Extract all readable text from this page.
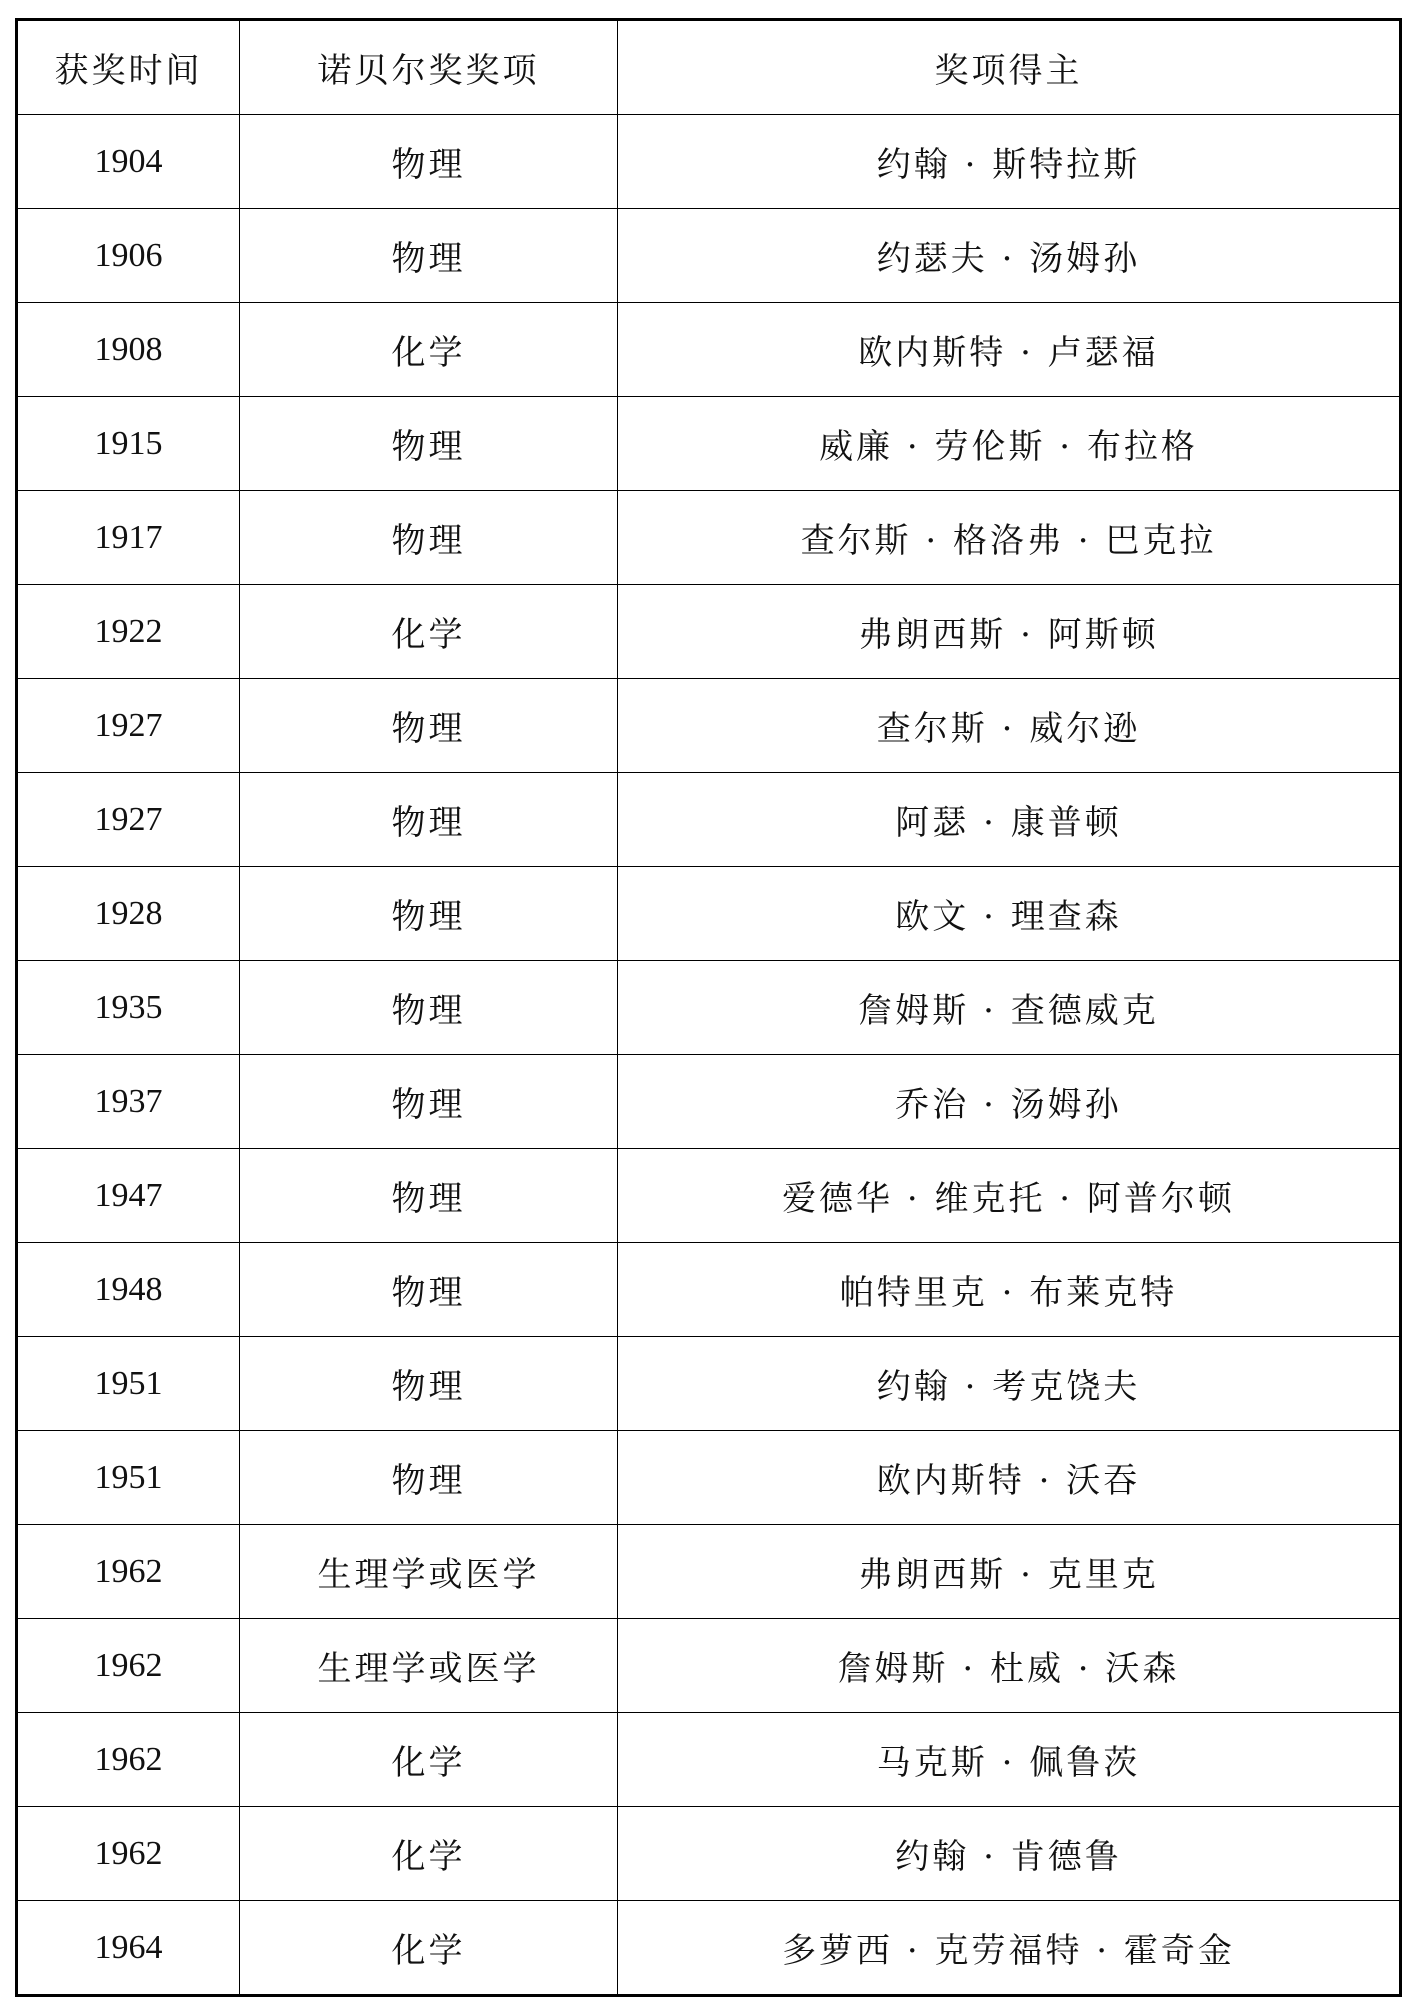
获奖时间	诺贝尔奖奖项	奖项得主
1904	物理	约翰 · 斯特拉斯
1906	物理	约瑟夫 · 汤姆孙
1908	化学	欧内斯特 · 卢瑟福
1915	物理	威廉 · 劳伦斯 · 布拉格
1917	物理	查尔斯 · 格洛弗 · 巴克拉
1922	化学	弗朗西斯 · 阿斯顿
1927	物理	查尔斯 · 威尔逊
1927	物理	阿瑟 · 康普顿
1928	物理	欧文 · 理查森
1935	物理	詹姆斯 · 查德威克
1937	物理	乔治 · 汤姆孙
1947	物理	爱德华 · 维克托 · 阿普尔顿
1948	物理	帕特里克 · 布莱克特
1951	物理	约翰 · 考克饶夫
1951	物理	欧内斯特 · 沃吞
1962	生理学或医学	弗朗西斯 · 克里克
1962	生理学或医学	詹姆斯 · 杜威 · 沃森
1962	化学	马克斯 · 佩鲁茨
1962	化学	约翰 · 肯德鲁
1964	化学	多萝西 · 克劳福特 · 霍奇金
